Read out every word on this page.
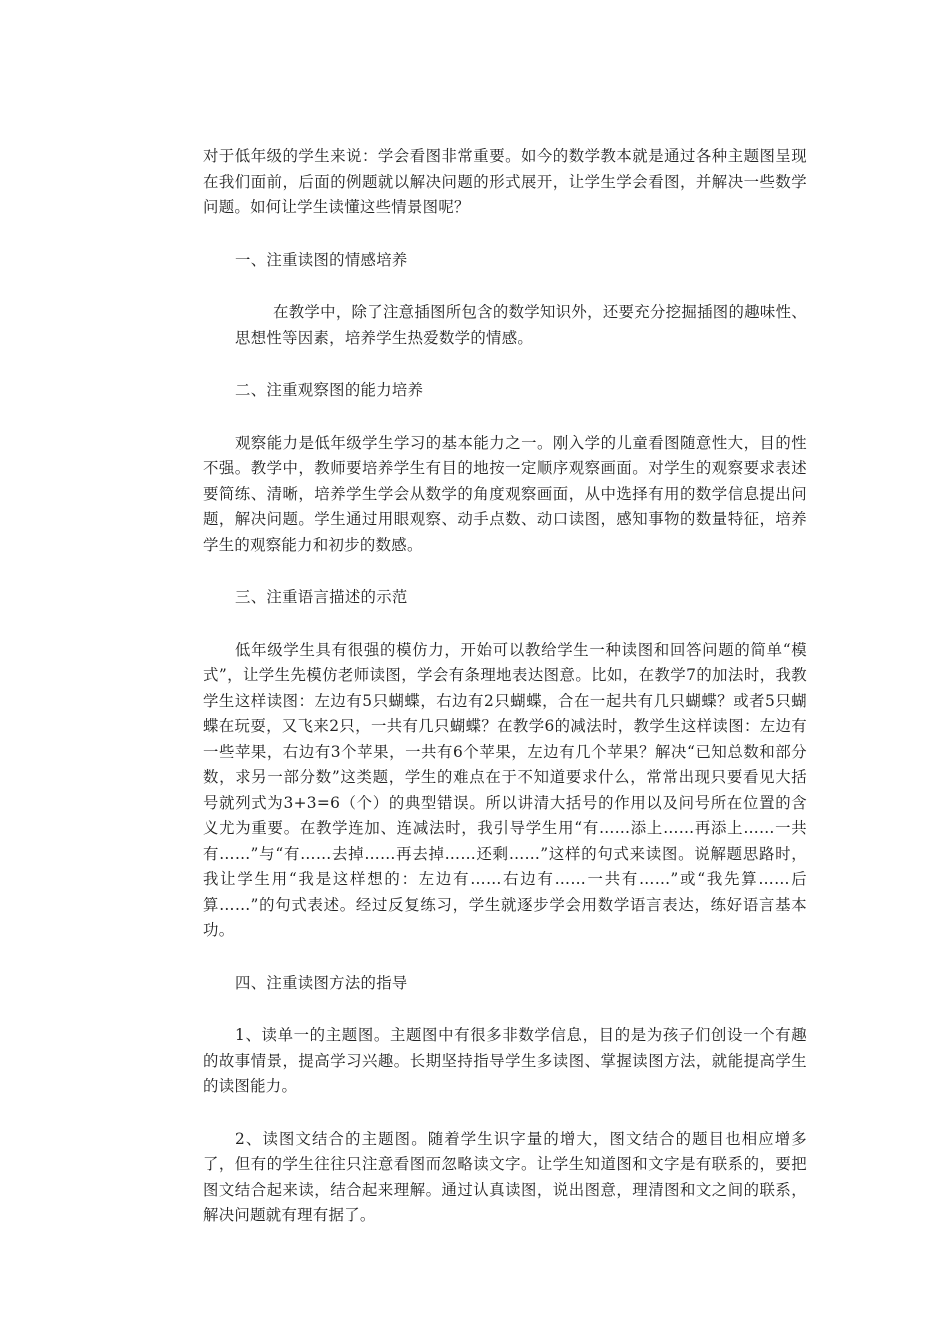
对于低年级的学生来说：学会看图非常重要。如今的数学教本就是通过各种主题图呈现在我们面前，后面的例题就以解决问题的形式展开，让学生学会看图，并解决一些数学问题。如何让学生读懂这些情景图呢？

一、注重读图的情感培养

在教学中，除了注意插图所包含的数学知识外，还要充分挖掘插图的趣味性、思想性等因素，培养学生热爱数学的情感。

二、注重观察图的能力培养

观察能力是低年级学生学习的基本能力之一。刚入学的儿童看图随意性大，目的性不强。教学中，教师要培养学生有目的地按一定顺序观察画面。对学生的观察要求表述要简练、清晰，培养学生学会从数学的角度观察画面，从中选择有用的数学信息提出问题，解决问题。学生通过用眼观察、动手点数、动口读图，感知事物的数量特征，培养学生的观察能力和初步的数感。

三、注重语言描述的示范

低年级学生具有很强的模仿力，开始可以教给学生一种读图和回答问题的简单“模式”，让学生先模仿老师读图，学会有条理地表达图意。比如，在教学7的加法时，我教学生这样读图：左边有5只蝴蝶，右边有2只蝴蝶，合在一起共有几只蝴蝶？或者5只蝴蝶在玩耍，又飞来2只，一共有几只蝴蝶？在教学6的减法时，教学生这样读图：左边有一些苹果，右边有3个苹果，一共有6个苹果，左边有几个苹果？解决“已知总数和部分数，求另一部分数”这类题，学生的难点在于不知道要求什么，常常出现只要看见大括号就列式为3+3=6（个）的典型错误。所以讲清大括号的作用以及问号所在位置的含义尤为重要。在教学连加、连减法时，我引导学生用“有……添上……再添上……一共有……”与“有……去掉……再去掉……还剩……”这样的句式来读图。说解题思路时，我让学生用“我是这样想的：左边有……右边有……一共有……”或“我先算……后算……”的句式表述。经过反复练习，学生就逐步学会用数学语言表达，练好语言基本功。

四、注重读图方法的指导

1、读单一的主题图。主题图中有很多非数学信息，目的是为孩子们创设一个有趣的故事情景，提高学习兴趣。长期坚持指导学生多读图、掌握读图方法，就能提高学生的读图能力。

2、读图文结合的主题图。随着学生识字量的增大，图文结合的题目也相应增多了，但有的学生往往只注意看图而忽略读文字。让学生知道图和文字是有联系的，要把图文结合起来读，结合起来理解。通过认真读图，说出图意，理清图和文之间的联系，解决问题就有理有据了。
